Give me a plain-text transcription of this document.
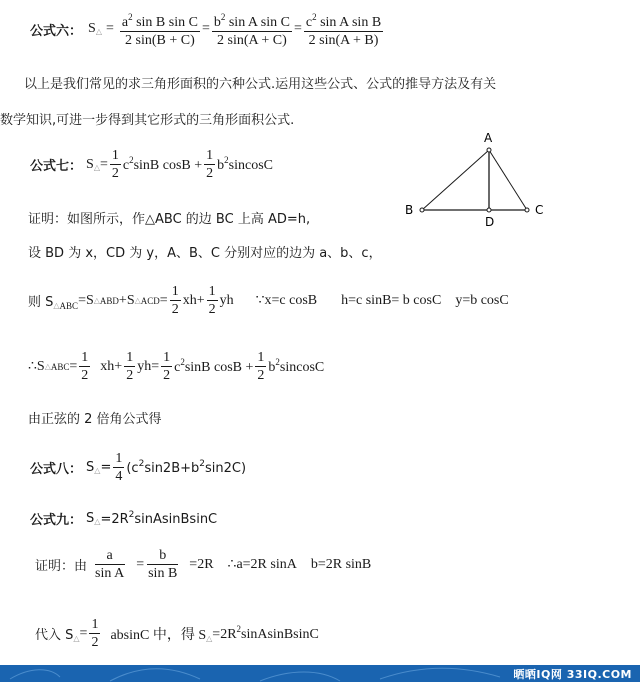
公式六： $S_\triangle = \frac{a^2 \sin B \sin C}{2 \sin(B + C)} = \frac{b^2 \sin A \sin C}{2 \sin(A + C)} = \frac{c^2 \sin A \sin B}{2 \sin(A + B)}$
以上是我们常见的求三角形面积的六种公式.运用这些公式、公式的推导方法及有关
数学知识,可进一步得到其它形式的三角形面积公式.
公式七： $S_\triangle = \frac{1}{2} c^2\sin B$ $\cos B + \frac{1}{2} b^2sincosC$
A
B	C
D
证明：如图所示，作△ABC 的边 BC 上高 AD=h,
设 BD 为 x，CD 为 y，A、B、C 分别对应的边为 a、b、c，
则 $S_{\triangle ABC} =S$ △ ABD +S △ ACD = $\frac{1}{2} xh+ \frac{1}{2}$ yh ∵x=c cosB h=c sinB= b cosC y=b cosC
∴S △ ABC = $\frac{1}{2} xh+ \frac{1}{2} yh= \frac{1}{2} c^2\sin B$ $\cos B + \frac{1}{2} b^2sincosC$
由正弦的 2 倍角公式得
公式八： $S_\triangle = \frac{1}{4} (c^2\sin 2B+b^2\sin 2C)$
公式九： $S_\triangle$ $=2R^2sinAsinBsinC$
证明：由 $\frac{a}{\text{sin A}} = \frac{b}{\text{sin B}} =2R$ ∴a=2R sinA b=2R sinB
代入 $S_\triangle = \frac{1}{2}$ absinC 中，得 $S_\triangle$ $=2R^2sinAsinBsinC$
晒晒IQ网 33IQ.COM
